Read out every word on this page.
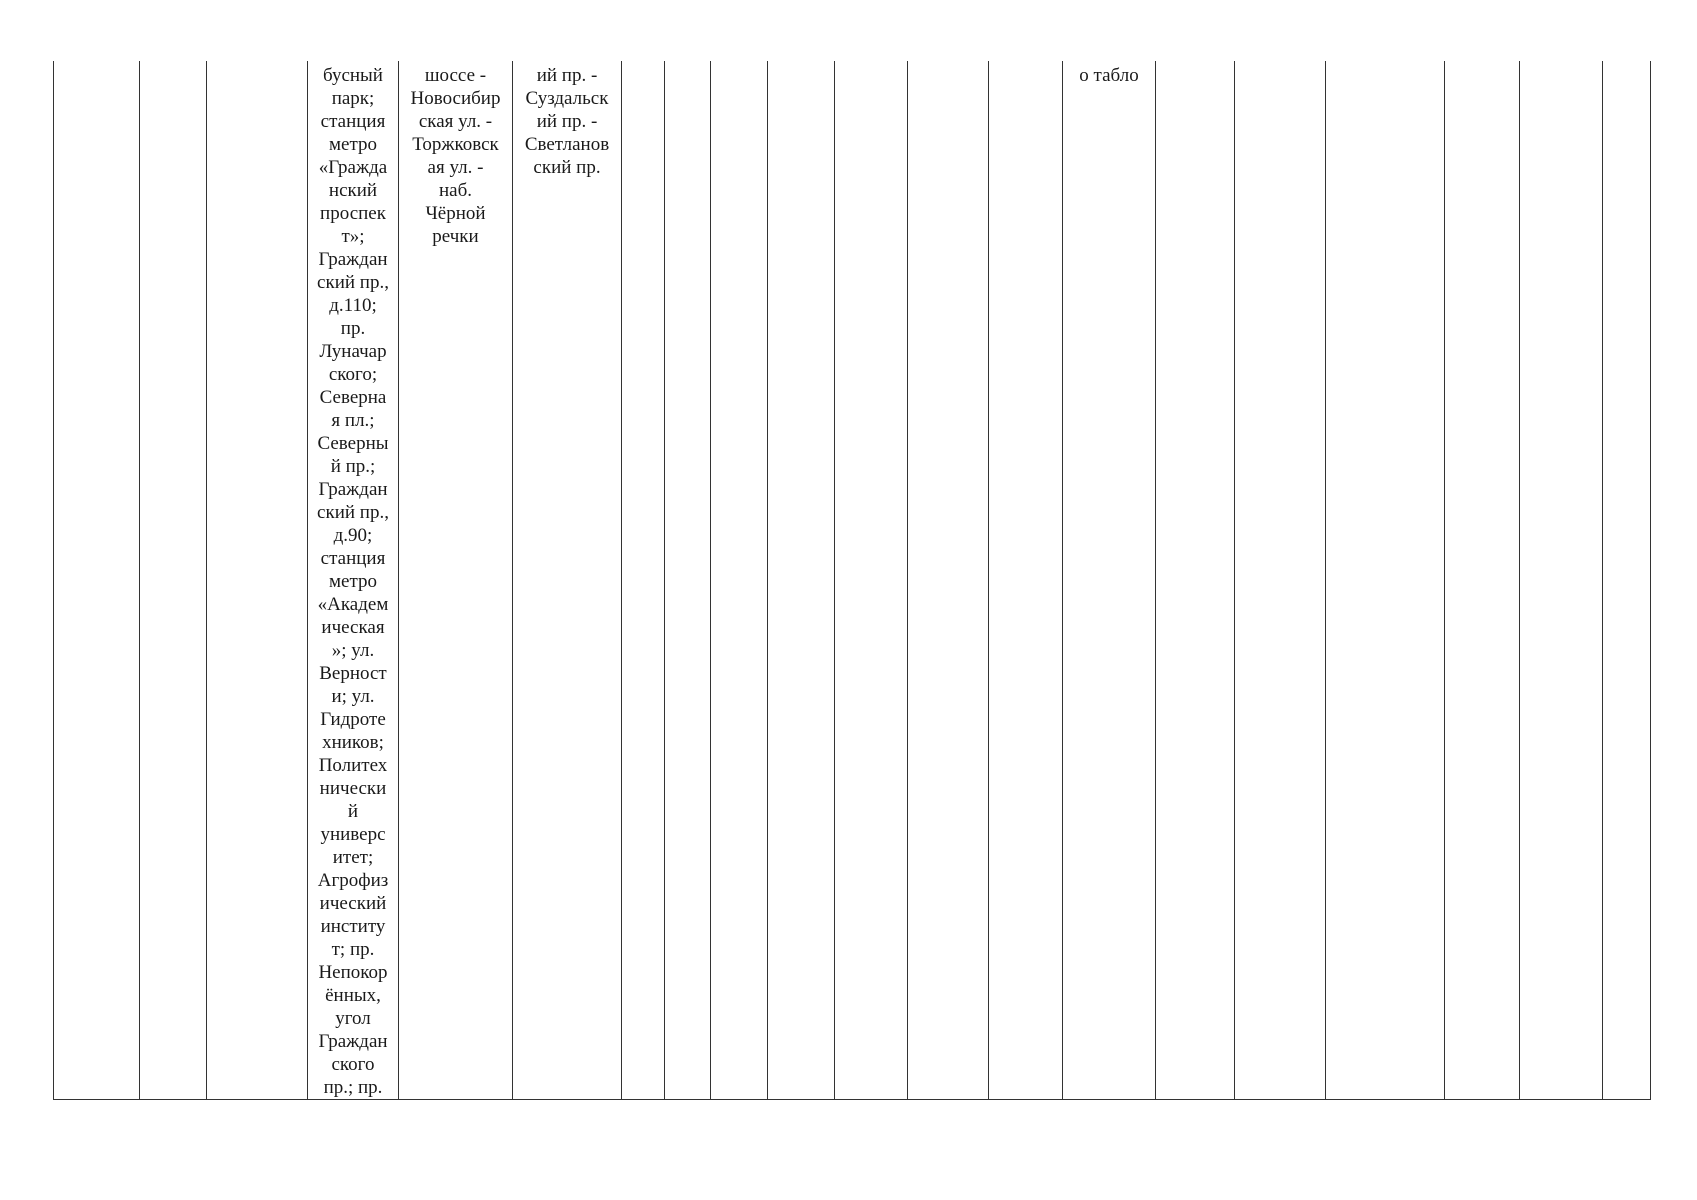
			бусный
парк;
станция
метро
«Гражда
нский
проспек
т»;
Граждан
ский пр.,
д.110;
пр.
Луначар
ского;
Северна
я пл.;
Северны
й пр.;
Граждан
ский пр.,
д.90;
станция
метро
«Академ
ическая
»; ул.
Верност
и; ул.
Гидроте
хников;
Политех
нически
й
универс
итет;
Агрофиз
ический
институ
т; пр.
Непокор
ённых,
угол
Граждан
ского
пр.; пр.	шоссе -
Новосибир
ская ул. -
Торжковск
ая ул. -
наб.
Чёрной
речки	ий пр. -
Суздальск
ий пр. -
Светланов
ский пр.								о табло						
